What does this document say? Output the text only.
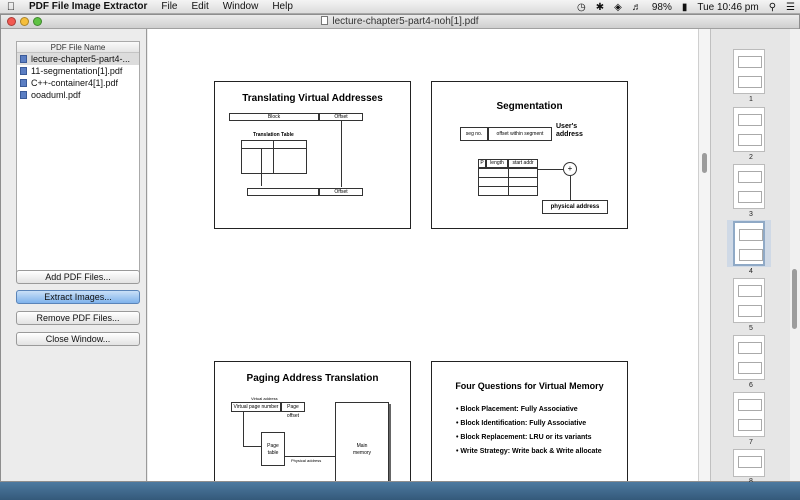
PDF File Image Extractor	File	Edit	Window	Help	◷	✱	◈	♬	98%	▮	Tue 10:46 pm	⚲	☰
lecture-chapter5-part4-noh[1].pdf
PDF File Name
lecture-chapter5-part4-...
11-segmentation[1].pdf
C++-container4[1].pdf
ooaduml.pdf
Add PDF Files...
Extract Images...
Remove PDF Files...
Close Window...
Translating Virtual Addresses
Block	Offset
Translation Table
Offset
Segmentation
seg no.	offset within segment
User's
address
P	length	start addr
+
physical address
Paging Address Translation
Virtual address
Virtual page number	Page offset
Page
table
Physical address
Main
memory
Four Questions for Virtual Memory
• Block Placement: Fully Associative
• Block Identification: Fully Associative
• Block Replacement: LRU or its variants
• Write Strategy: Write back & Write allocate
1
2
3
4
5
6
7
